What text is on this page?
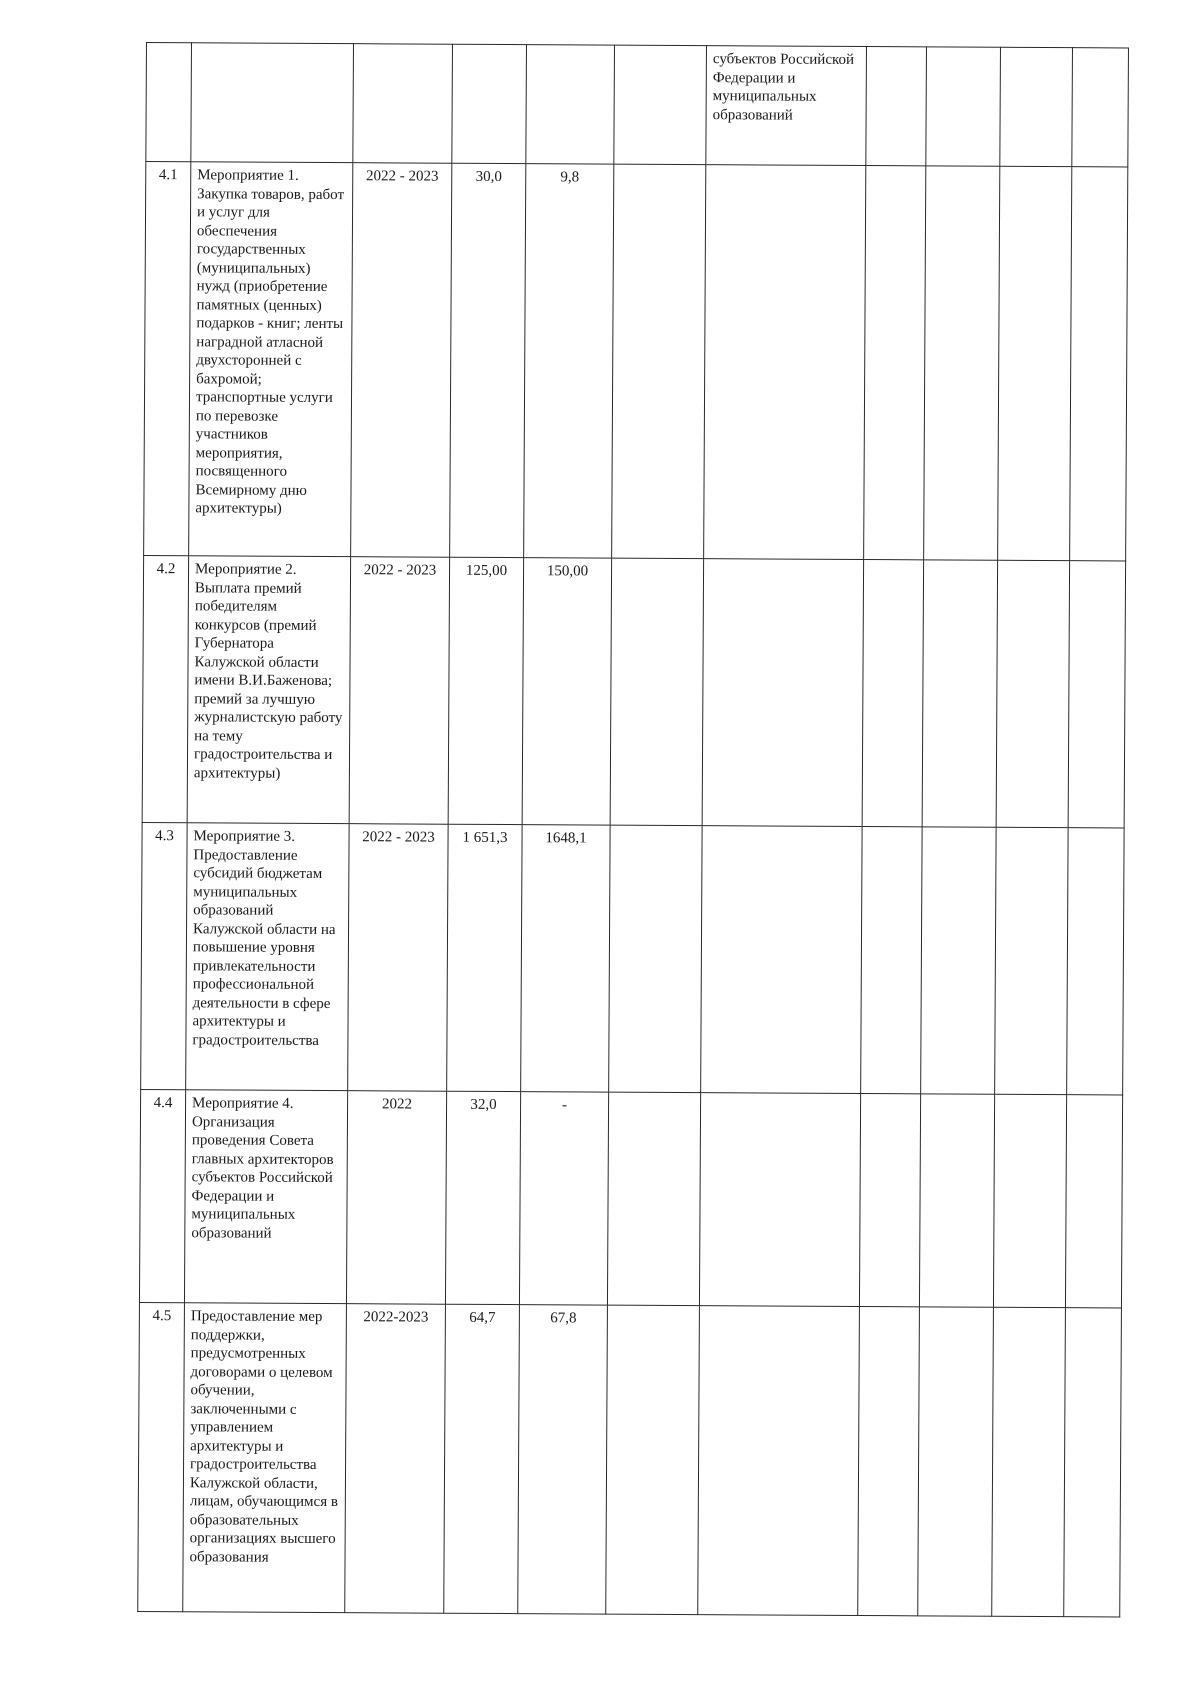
						субъектов Российской Федерации и муниципальных образований				
4.1	Мероприятие 1. Закупка товаров, работ и услуг для обеспечения государственных (муниципальных) нужд (приобретение памятных (ценных) подарков - книг; ленты наградной атласной двухсторонней с бахромой; транспортные услуги по перевозке участников мероприятия, посвященного Всемирному дню архитектуры)	2022 - 2023	30,0	9,8						
4.2	Мероприятие 2. Выплата премий победителям конкурсов (премий Губернатора Калужской области имени В.И.Баженова; премий за лучшую журналистскую работу на тему градостроительства и архитектуры)	2022 - 2023	125,00	150,00						
4.3	Мероприятие 3. Предоставление субсидий бюджетам муниципальных образований Калужской области на повышение уровня привлекательности профессиональной деятельности в сфере архитектуры и градостроительства	2022 - 2023	1 651,3	1648,1						
4.4	Мероприятие 4. Организация проведения Совета главных архитекторов субъектов Российской Федерации и муниципальных образований	2022	32,0	-						
4.5	Предоставление мер поддержки, предусмотренных договорами о целевом обучении, заключенными с управлением архитектуры и градостроительства Калужской области, лицам, обучающимся в образовательных организациях высшего образования	2022-2023	64,7	67,8						
